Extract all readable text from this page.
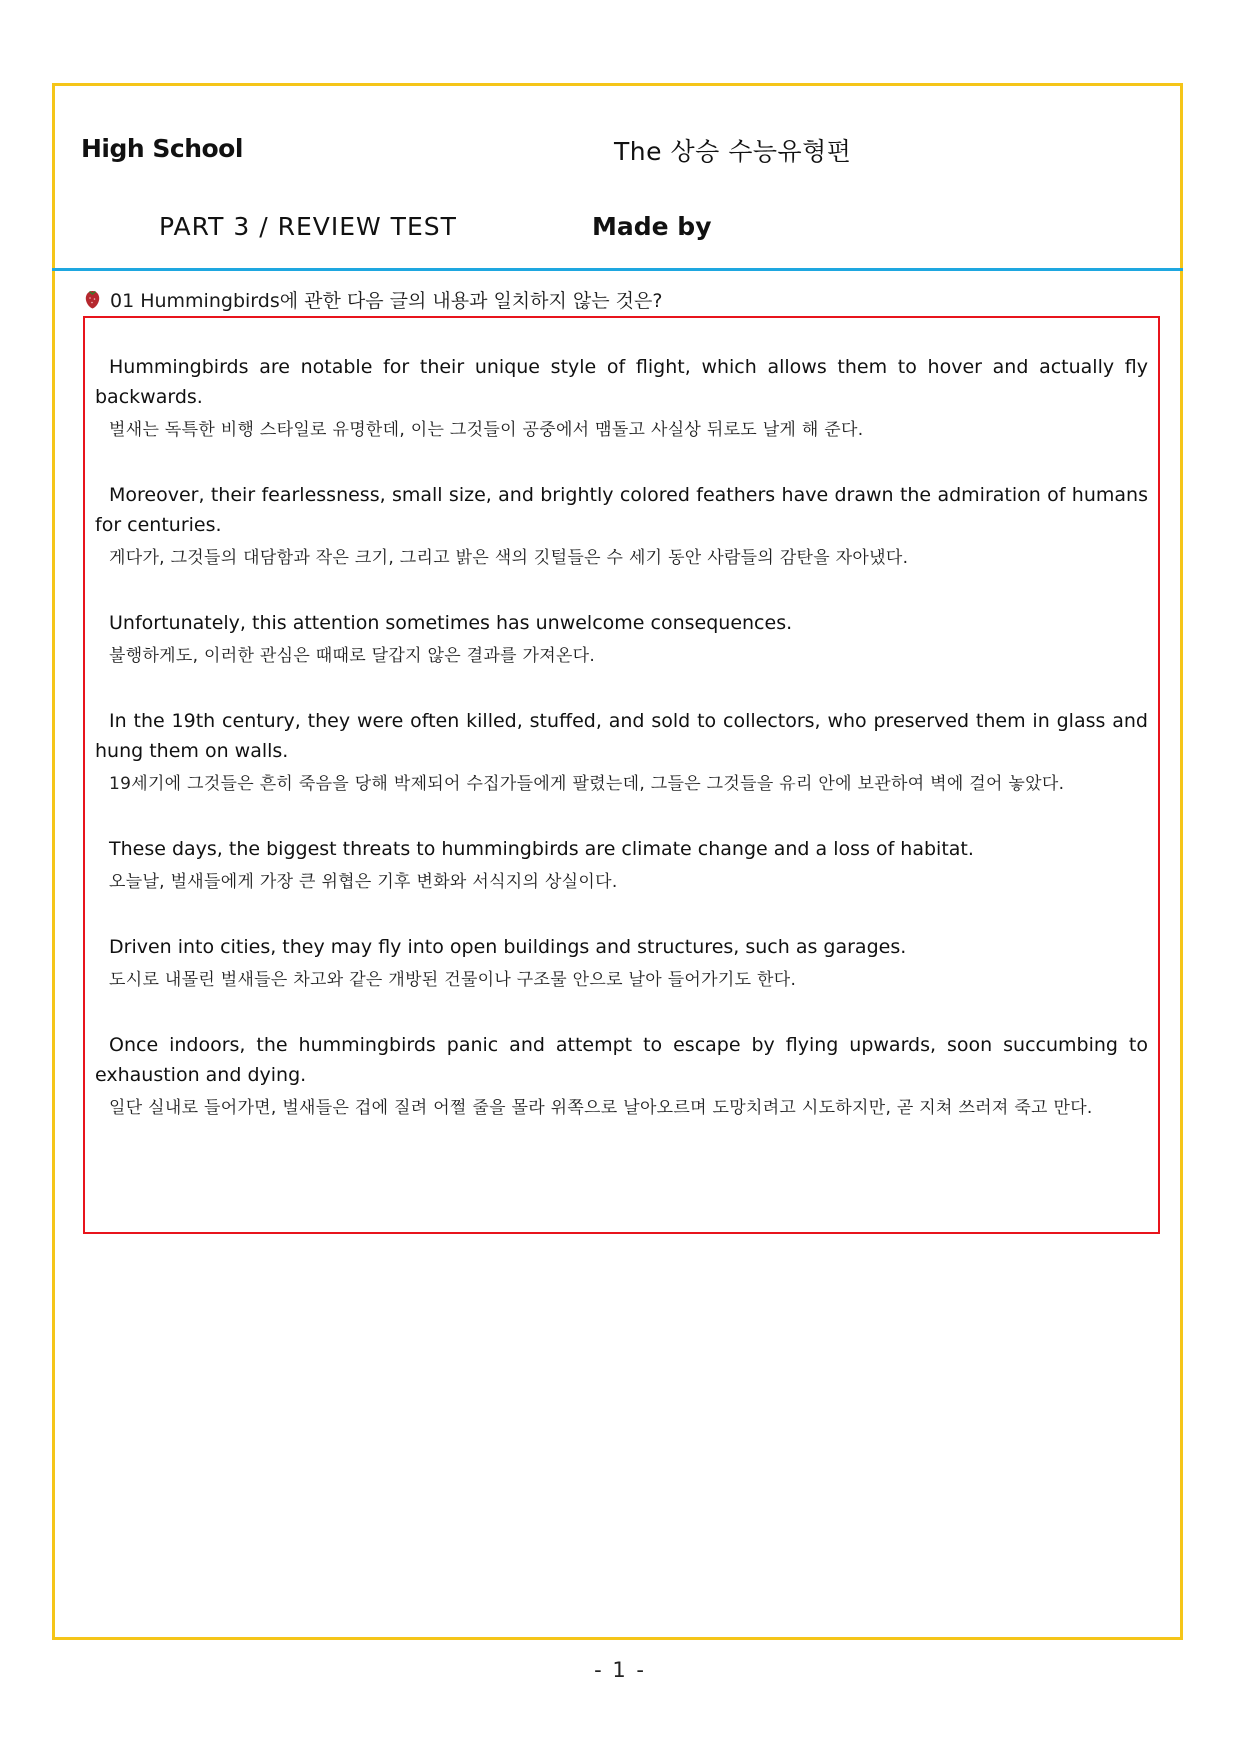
High School	The 상승 수능유형편
PART 3 / REVIEW TEST	Made by
01 Hummingbirds에 관한 다음 글의 내용과 일치하지 않는 것은?

Hummingbirds are notable for their unique style of flight, which allows them to hover and actually fly backwards.

벌새는 독특한 비행 스타일로 유명한데, 이는 그것들이 공중에서 맴돌고 사실상 뒤로도 날게 해 준다.

Moreover, their fearlessness, small size, and brightly colored feathers have drawn the admiration of humans for centuries.

게다가, 그것들의 대담함과 작은 크기, 그리고 밝은 색의 깃털들은 수 세기 동안 사람들의 감탄을 자아냈다.

Unfortunately, this attention sometimes has unwelcome consequences.

불행하게도, 이러한 관심은 때때로 달갑지 않은 결과를 가져온다.

In the 19th century, they were often killed, stuffed, and sold to collectors, who preserved them in glass and hung them on walls.

19세기에 그것들은 흔히 죽음을 당해 박제되어 수집가들에게 팔렸는데, 그들은 그것들을 유리 안에 보관하여 벽에 걸어 놓았다.

These days, the biggest threats to hummingbirds are climate change and a loss of habitat.

오늘날, 벌새들에게 가장 큰 위협은 기후 변화와 서식지의 상실이다.

Driven into cities, they may fly into open buildings and structures, such as garages.

도시로 내몰린 벌새들은 차고와 같은 개방된 건물이나 구조물 안으로 날아 들어가기도 한다.

Once indoors, the hummingbirds panic and attempt to escape by flying upwards, soon succumbing to exhaustion and dying.

일단 실내로 들어가면, 벌새들은 겁에 질려 어쩔 줄을 몰라 위쪽으로 날아오르며 도망치려고 시도하지만, 곧 지쳐 쓰러져 죽고 만다.

- 1 -
